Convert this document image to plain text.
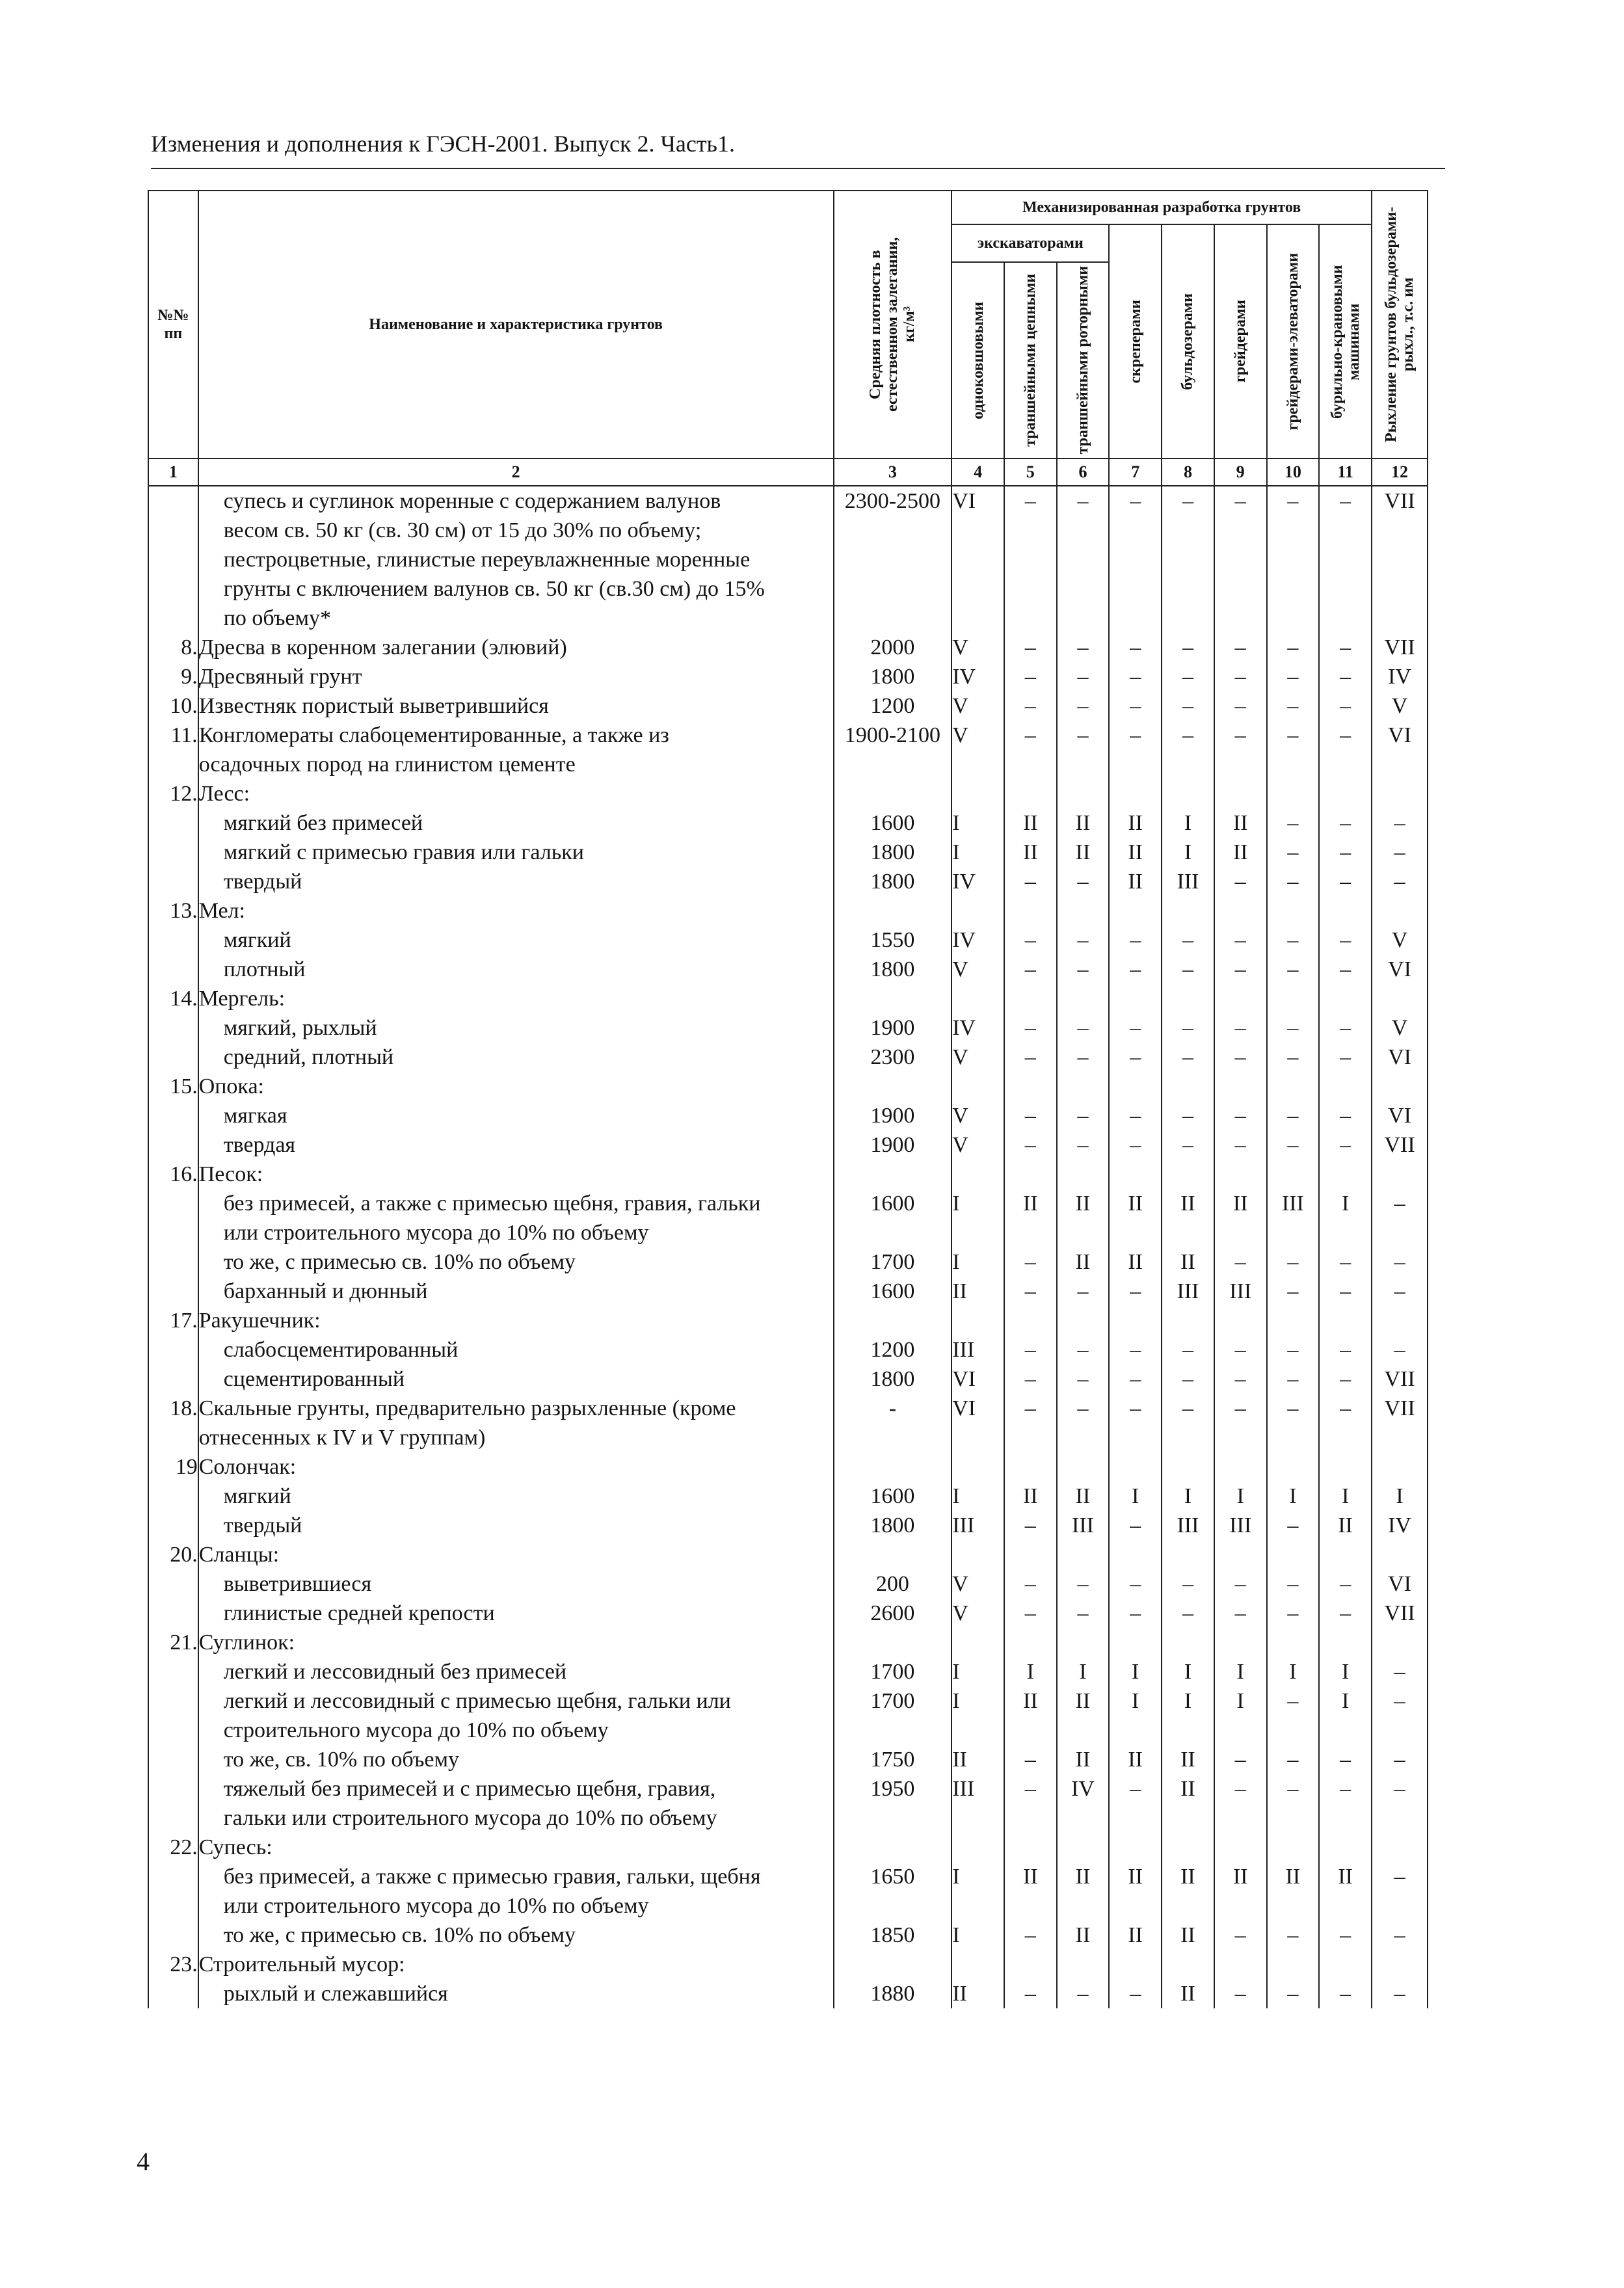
Изменения и дополнения к ГЭСН-2001. Выпуск 2. Часть1.
№№ пп	Наименование и характеристика грунтов	Средняя плотность в естественном залегании, кг/м³	Механизированная разработка грунтов								Рыхление грунтов бульдозерами-рыхл., т.с. им

			экскаваторами			скреперами	бульдозерами	грейдерами	грейдерами-элеваторами	бурильно-крановыми машинами	

			одноковшовыми	траншейными цепными	траншейными роторными						

1	2	3	4	5	6	7	8	9	10	11	12
	супесь и суглинок моренные с содержанием валунов	2300-2500	VI	–	–	–	–	–	–	–	VII
	весом св. 50 кг (св. 30 см) от 15 до 30% по объему;										
	пестроцветные, глинистые переувлажненные моренные										
	грунты с включением валунов св. 50 кг (св.30 см) до 15%										
	по объему*										
8.	Дресва в коренном залегании (элювий)	2000	V	–	–	–	–	–	–	–	VII
9.	Дресвяный грунт	1800	IV	–	–	–	–	–	–	–	IV
10.	Известняк пористый выветрившийся	1200	V	–	–	–	–	–	–	–	V
11.	Конгломераты слабоцементированные, а также из	1900-2100	V	–	–	–	–	–	–	–	VI
	осадочных пород на глинистом цементе										
12.	Лесс:										
	мягкий без примесей	1600	I	II	II	II	I	II	–	–	–
	мягкий с примесью гравия или гальки	1800	I	II	II	II	I	II	–	–	–
	твердый	1800	IV	–	–	II	III	–	–	–	–
13.	Мел:										
	мягкий	1550	IV	–	–	–	–	–	–	–	V
	плотный	1800	V	–	–	–	–	–	–	–	VI
14.	Мергель:										
	мягкий, рыхлый	1900	IV	–	–	–	–	–	–	–	V
	средний, плотный	2300	V	–	–	–	–	–	–	–	VI
15.	Опока:										
	мягкая	1900	V	–	–	–	–	–	–	–	VI
	твердая	1900	V	–	–	–	–	–	–	–	VII
16.	Песок:										
	без примесей, а также с примесью щебня, гравия, гальки	1600	I	II	II	II	II	II	III	I	–
	или строительного мусора до 10% по объему										
	то же, с примесью св. 10% по объему	1700	I	–	II	II	II	–	–	–	–
	барханный и дюнный	1600	II	–	–	–	III	III	–	–	–
17.	Ракушечник:										
	слабосцементированный	1200	III	–	–	–	–	–	–	–	–
	сцементированный	1800	VI	–	–	–	–	–	–	–	VII
18.	Скальные грунты, предварительно разрыхленные (кроме	-	VI	–	–	–	–	–	–	–	VII
	отнесенных к IV и V группам)										
19	Солончак:										
	мягкий	1600	I	II	II	I	I	I	I	I	I
	твердый	1800	III	–	III	–	III	III	–	II	IV
20.	Сланцы:										
	выветрившиеся	200	V	–	–	–	–	–	–	–	VI
	глинистые средней крепости	2600	V	–	–	–	–	–	–	–	VII
21.	Суглинок:										
	легкий и лессовидный без примесей	1700	I	I	I	I	I	I	I	I	–
	легкий и лессовидный с примесью щебня, гальки или	1700	I	II	II	I	I	I	–	I	–
	строительного мусора до 10% по объему										
	то же, св. 10% по объему	1750	II	–	II	II	II	–	–	–	–
	тяжелый без примесей и с примесью щебня, гравия,	1950	III	–	IV	–	II	–	–	–	–
	гальки или строительного мусора до 10% по объему										
22.	Супесь:										
	без примесей, а также с примесью гравия, гальки, щебня	1650	I	II	II	II	II	II	II	II	–
	или строительного мусора до 10% по объему										
	то же, с примесью св. 10% по объему	1850	I	–	II	II	II	–	–	–	–
23.	Строительный мусор:										
	рыхлый и слежавшийся	1880	II	–	–	–	II	–	–	–	–
4
